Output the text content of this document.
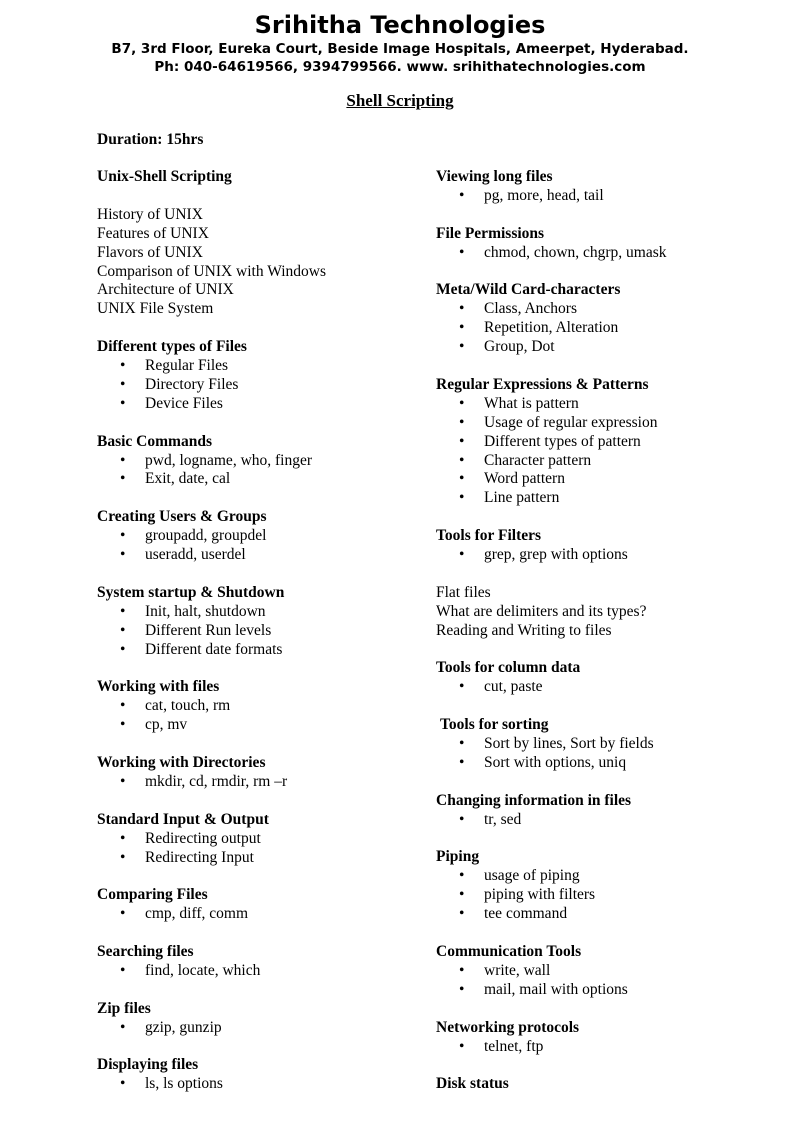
Srihitha Technologies
B7, 3rd Floor, Eureka Court, Beside Image Hospitals, Ameerpet, Hyderabad.
Ph: 040-64619566, 9394799566. www. srihithatechnologies.com
Shell Scripting
Duration: 15hrs
Unix-Shell Scripting
History of UNIX
Features of UNIX
Flavors of UNIX
Comparison of UNIX with Windows
Architecture of UNIX
UNIX File System
Different types of Files
• Regular Files
• Directory Files
• Device Files
Basic Commands
• pwd, logname, who, finger
• Exit, date, cal
Creating Users & Groups
• groupadd, groupdel
• useradd, userdel
System startup & Shutdown
• Init, halt, shutdown
• Different Run levels
• Different date formats
Working with files
• cat, touch, rm
• cp, mv
Working with Directories
• mkdir, cd, rmdir, rm –r
Standard Input & Output
• Redirecting output
• Redirecting Input
Comparing Files
• cmp, diff, comm
Searching files
• find, locate, which
Zip files
• gzip, gunzip
Displaying files
• ls, ls options
Viewing long files
• pg, more, head, tail
File Permissions
• chmod, chown, chgrp, umask
Meta/Wild Card-characters
• Class, Anchors
• Repetition, Alteration
• Group, Dot
Regular Expressions & Patterns
• What is pattern
• Usage of regular expression
• Different types of pattern
• Character pattern
• Word pattern
• Line pattern
Tools for Filters
• grep, grep with options
Flat files
What are delimiters and its types?
Reading and Writing to files
Tools for column data
• cut, paste
Tools for sorting
• Sort by lines, Sort by fields
• Sort with options, uniq
Changing information in files
• tr, sed
Piping
• usage of piping
• piping with filters
• tee command
Communication Tools
• write, wall
• mail, mail with options
Networking protocols
• telnet, ftp
Disk status
